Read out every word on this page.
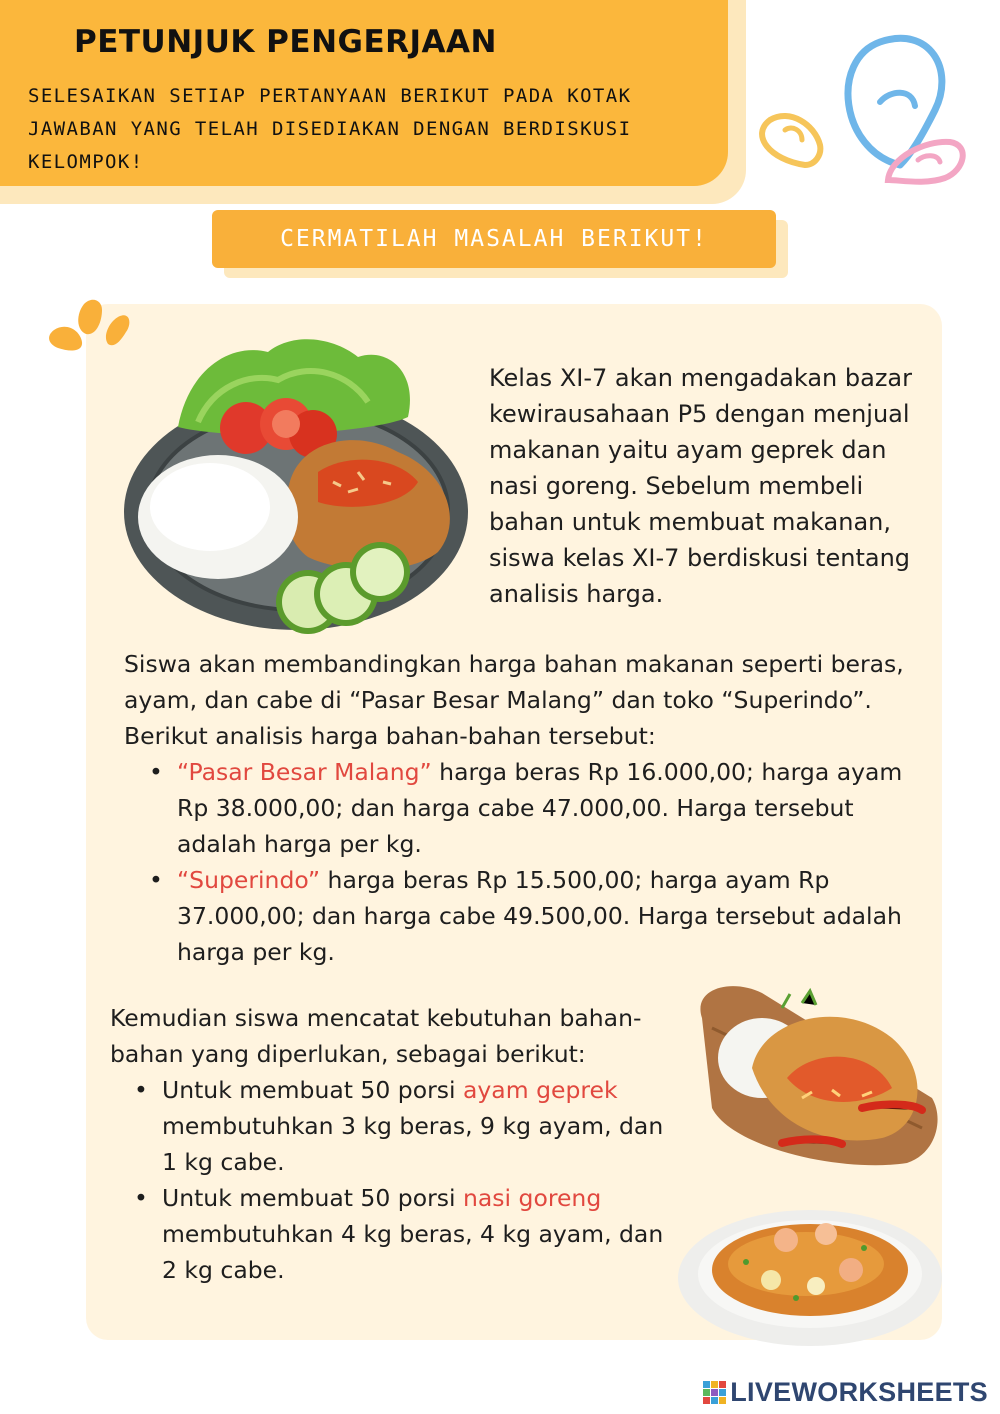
PETUNJUK PENGERJAAN
SELESAIKAN SETIAP PERTANYAAN BERIKUT PADA KOTAK JAWABAN YANG TELAH DISEDIAKAN DENGAN BERDISKUSI KELOMPOK!
CERMATILAH MASALAH BERIKUT!
Kelas XI-7 akan mengadakan bazar kewirausahaan P5 dengan menjual makanan yaitu ayam geprek dan nasi goreng. Sebelum membeli bahan untuk membuat makanan, siswa kelas XI-7 berdiskusi tentang analisis harga.

Siswa akan membandingkan harga bahan makanan seperti beras, ayam, dan cabe di “Pasar Besar Malang” dan toko “Superindo”. Berikut analisis harga bahan-bahan tersebut:

• “Pasar Besar Malang” harga beras Rp 16.000,00; harga ayam Rp 38.000,00; dan harga cabe 47.000,00. Harga tersebut adalah harga per kg.
• “Superindo” harga beras Rp 15.500,00; harga ayam Rp 37.000,00; dan harga cabe 49.500,00. Harga tersebut adalah harga per kg.

Kemudian siswa mencatat kebutuhan bahan-bahan yang diperlukan, sebagai berikut:

• Untuk membuat 50 porsi ayam geprek membutuhkan 3 kg beras, 9 kg ayam, dan 1 kg cabe.
• Untuk membuat 50 porsi nasi goreng membutuhkan 4 kg beras, 4 kg ayam, dan 2 kg cabe.
LIVEWORKSHEETS
